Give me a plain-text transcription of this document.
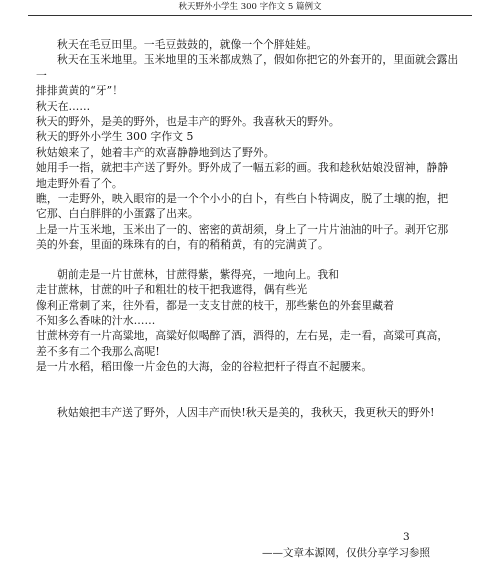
秋天野外小学生 300 字作文 5 篇例文

秋天在毛豆田里。一毛豆鼓鼓的，就像一个个胖娃娃。

秋天在玉米地里。玉米地里的玉米都成熟了，假如你把它的外套开的，里面就会露出一

排排黄黄的“牙”！

秋天在……

秋天的野外，是美的野外，也是丰产的野外。我喜秋天的野外。

秋天的野外小学生 300 字作文 5

秋姑娘来了，她着丰产的欢喜静静地到达了野外。

她用手一指，就把丰产送了野外。野外成了一幅五彩的画。我和趁秋姑娘没留神，静静

地走野外看了个。

瞧，一走野外，映入眼帘的是一个个小小的白卜，有些白卜特调皮，脱了土壤的抱，把

它那、白白胖胖的小蛋露了出来。

上是一片玉米地，玉米出了一的、密密的黄胡须，身上了一片片油油的叶子。剥开它那

美的外套，里面的珠珠有的白，有的稍稍黄，有的完满黄了。

朝前走是一片甘蔗林，甘蔗得紫，紫得亮，一地向上。我和

走甘蔗林，甘蔗的叶子和粗壮的枝干把我遮得，偶有些光

像利正常刺了来，往外看，都是一支支甘蔗的枝干，那些紫色的外套里藏着

不知多么香味的汁水……

甘蔗林旁有一片高粱地，高粱好似喝醉了酒，酒得的，左右晃，走一看，高粱可真高，

差不多有二个我那么高呢!

是一片水稻，稻田像一片金色的大海，金的谷粒把杆子得直不起腰来。

秋姑娘把丰产送了野外，人因丰产而快!秋天是美的，我秋天，我更秋天的野外!

3
——文章本源网，仅供分享学习参照
